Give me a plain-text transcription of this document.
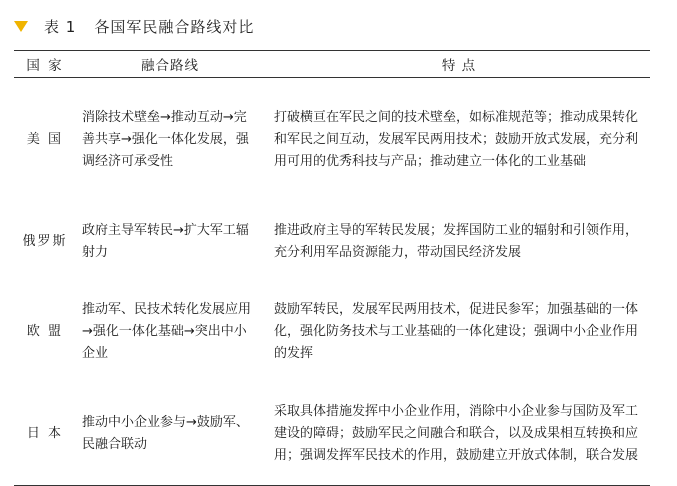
表 1 各国军民融合路线对比
国 家	融合路线	特 点
美 国	消除技术壁垒→推动互动→完善共享→强化一体化发展，强调经济可承受性	打破横亘在军民之间的技术壁垒，如标准规范等；推动成果转化和军民之间互动，发展军民两用技术；鼓励开放式发展，充分利用可用的优秀科技与产品；推动建立一体化的工业基础
俄罗斯	政府主导军转民→扩大军工辐射力	推进政府主导的军转民发展；发挥国防工业的辐射和引领作用，充分利用军品资源能力，带动国民经济发展
欧 盟	推动军、民技术转化发展应用→强化一体化基础→突出中小企业	鼓励军转民，发展军民两用技术，促进民参军；加强基础的一体化，强化防务技术与工业基础的一体化建设；强调中小企业作用的发挥
日 本	推动中小企业参与→鼓励军、民融合联动	采取具体措施发挥中小企业作用，消除中小企业参与国防及军工建设的障碍；鼓励军民之间融合和联合，以及成果相互转换和应用；强调发挥军民技术的作用，鼓励建立开放式体制，联合发展
